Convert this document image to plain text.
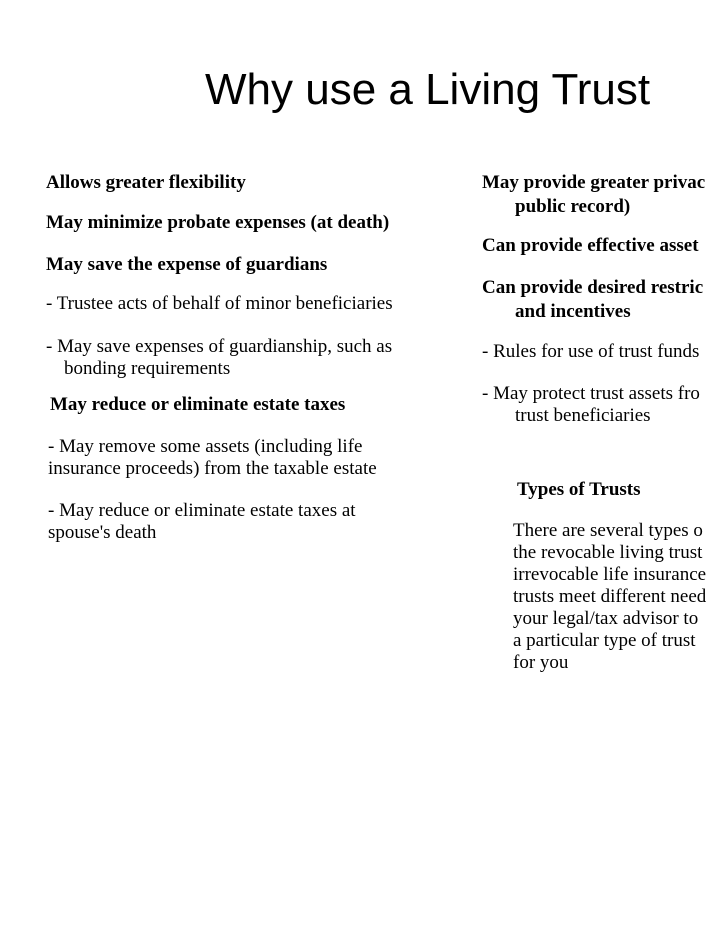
Why use a Living Trust
Allows greater flexibility
May minimize probate expenses (at death)
May save the expense of guardians
- Trustee acts of behalf of minor beneficiaries
- May save expenses of guardianship, such as
bonding requirements
May reduce or eliminate estate taxes
- May remove some assets (including life
insurance proceeds) from the taxable estate
- May reduce or eliminate estate taxes at
spouse's death
May provide greater privac
public record)
Can provide effective asset
Can provide desired restric
and incentives
- Rules for use of trust funds
- May protect trust assets fro
trust beneficiaries
Types of Trusts
There are several types o
the revocable living trust
irrevocable life insurance
trusts meet different need
your legal/tax advisor to
a particular type of trust
for you
